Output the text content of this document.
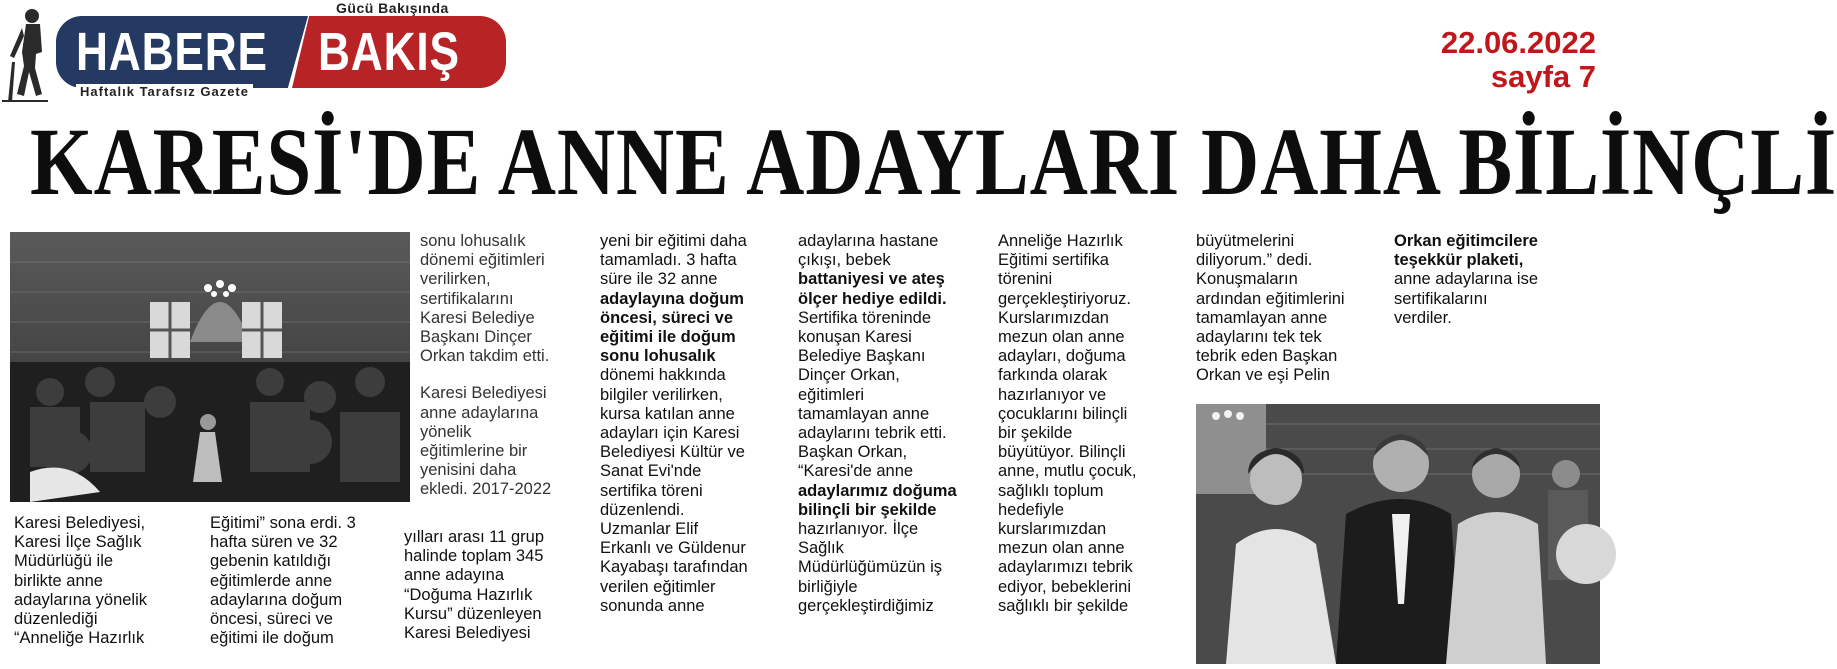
HABERE BAKIŞ
Gücü Bakışında
Haftalık Tarafsız Gazete
22.06.2022
sayfa 7
KARESİ'DE ANNE ADAYLARI DAHA BİLİNÇLİ

Karesi Belediyesi,

Karesi İlçe Sağlık

Müdürlüğü ile

birlikte anne

adaylarına yönelik

düzenlediği

“Anneliğe Hazırlık

Eğitimi” sona erdi. 3

hafta süren ve 32

gebenin katıldığı

eğitimlerde anne

adaylarına doğum

öncesi, süreci ve

eğitimi ile doğum

sonu lohusalık

dönemi eğitimleri

verilirken,

sertifikalarını

Karesi Belediye

Başkanı Dinçer

Orkan takdim etti.

Karesi Belediyesi

anne adaylarına

yönelik

eğitimlerine bir

yenisini daha

ekledi. 2017-2022

yılları arası 11 grup

halinde toplam 345

anne adayına

“Doğuma Hazırlık

Kursu” düzenleyen

Karesi Belediyesi

yeni bir eğitimi daha

tamamladı. 3 hafta

süre ile 32 anne

adaylayına doğum

öncesi, süreci ve

eğitimi ile doğum

sonu lohusalık

dönemi hakkında

bilgiler verilirken,

kursa katılan anne

adayları için Karesi

Belediyesi Kültür ve

Sanat Evi'nde

sertifika töreni

düzenlendi.

Uzmanlar Elif

Erkanlı ve Güldenur

Kayabaşı tarafından

verilen eğitimler

sonunda anne

adaylarına hastane

çıkışı, bebek

battaniyesi ve ateş

ölçer hediye edildi.

Sertifika töreninde

konuşan Karesi

Belediye Başkanı

Dinçer Orkan,

eğitimleri

tamamlayan anne

adaylarını tebrik etti.

Başkan Orkan,

“Karesi'de anne

adaylarımız doğuma

bilinçli bir şekilde

hazırlanıyor. İlçe

Sağlık

Müdürlüğümüzün iş

birliğiyle

gerçekleştirdiğimiz

Anneliğe Hazırlık

Eğitimi sertifika

törenini

gerçekleştiriyoruz.

Kurslarımızdan

mezun olan anne

adayları, doğuma

farkında olarak

hazırlanıyor ve

çocuklarını bilinçli

bir şekilde

büyütüyor. Bilinçli

anne, mutlu çocuk,

sağlıklı toplum

hedefiyle

kurslarımızdan

mezun olan anne

adaylarımızı tebrik

ediyor, bebeklerini

sağlıklı bir şekilde

büyütmelerini

diliyorum.” dedi.

Konuşmaların

ardından eğitimlerini

tamamlayan anne

adaylarını tek tek

tebrik eden Başkan

Orkan ve eşi Pelin

Orkan eğitimcilere

teşekkür plaketi,

anne adaylarına ise

sertifikalarını

verdiler.
